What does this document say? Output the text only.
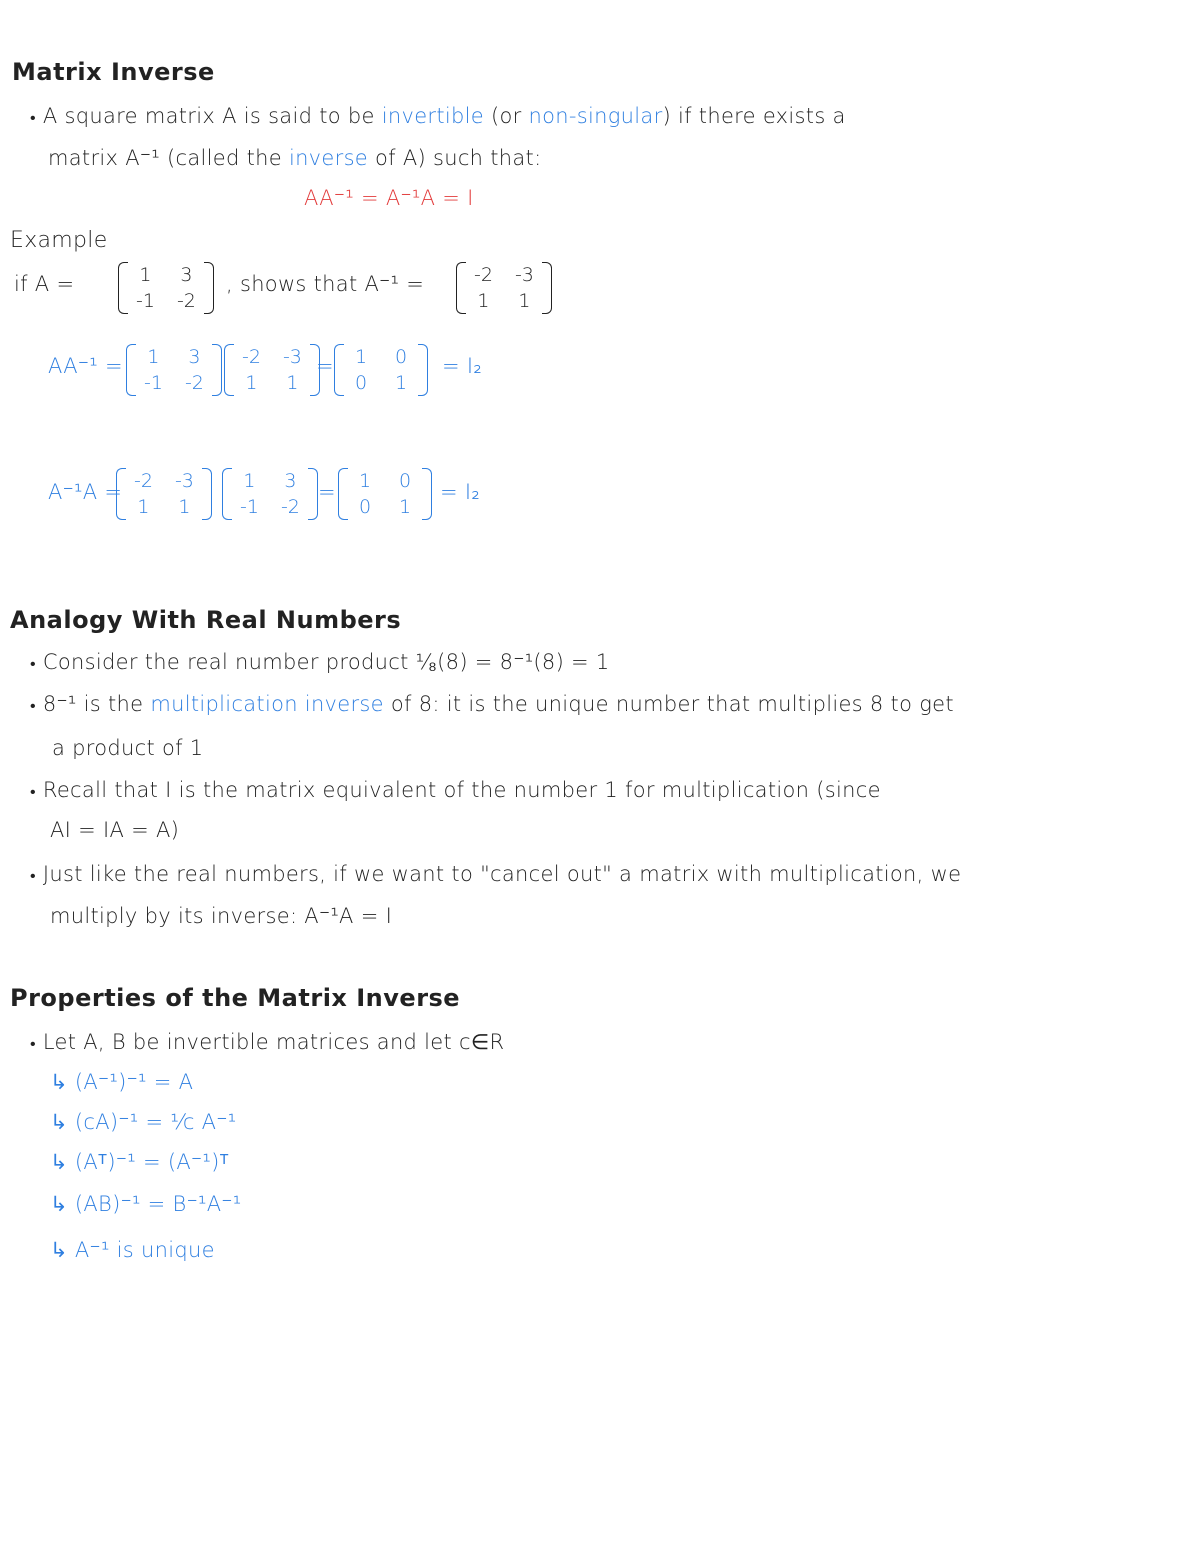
Matrix Inverse
• A square matrix A is said to be invertible (or non-singular) if there exists a
matrix A⁻¹ (called the inverse of A) such that:
AA⁻¹ = A⁻¹A = I
Example
if A =	1 3
-1 -2
, shows that A⁻¹ =	-2 -3
1 1
AA⁻¹ = 1 3
-1 -2
-2 -3
1 1
= 1 0
0 1
= I₂
A⁻¹A = -2 -3
1 1
1 3
-1 -2
= 1 0
0 1
= I₂
Analogy With Real Numbers
• Consider the real number product ¹⁄₈(8) = 8⁻¹(8) = 1
• 8⁻¹ is the multiplication inverse of 8: it is the unique number that multiplies 8 to get
a product of 1
• Recall that I is the matrix equivalent of the number 1 for multiplication (since
AI = IA = A)
• Just like the real numbers, if we want to "cancel out" a matrix with multiplication, we
multiply by its inverse: A⁻¹A = I
Properties of the Matrix Inverse
• Let A, B be invertible matrices and let c∈R
↳ (A⁻¹)⁻¹ = A
↳ (cA)⁻¹ = ¹⁄c A⁻¹
↳ (Aᵀ)⁻¹ = (A⁻¹)ᵀ
↳ (AB)⁻¹ = B⁻¹A⁻¹
↳ A⁻¹ is unique
